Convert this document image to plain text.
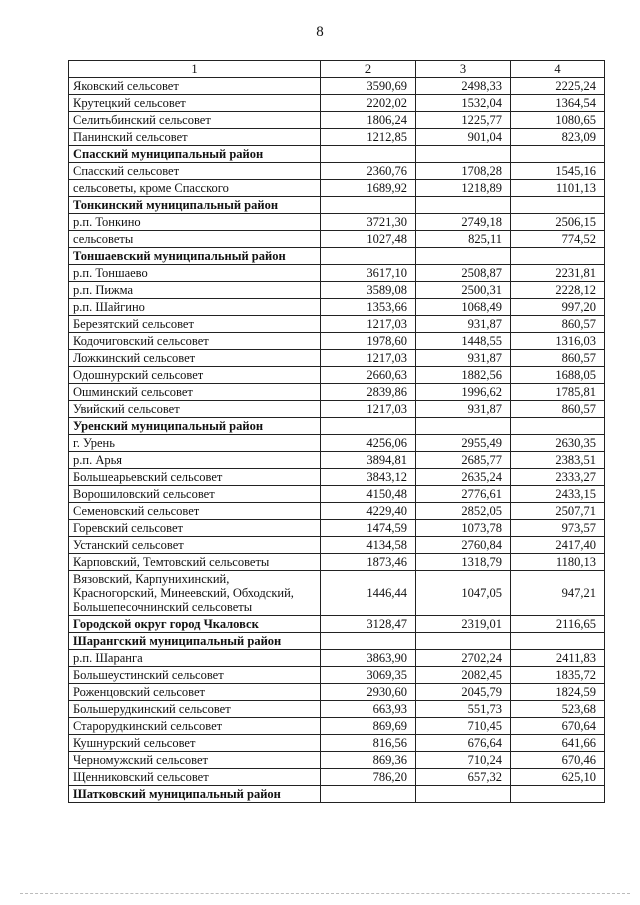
8
1	2	3	4
Яковский сельсовет	3590,69	2498,33	2225,24
Крутецкий сельсовет	2202,02	1532,04	1364,54
Селитьбинский сельсовет	1806,24	1225,77	1080,65
Панинский сельсовет	1212,85	901,04	823,09
Спасский муниципальный район			
Спасский сельсовет	2360,76	1708,28	1545,16
сельсоветы, кроме Спасского	1689,92	1218,89	1101,13
Тонкинский муниципальный район			
р.п. Тонкино	3721,30	2749,18	2506,15
сельсоветы	1027,48	825,11	774,52
Тоншаевский муниципальный район			
р.п. Тоншаево	3617,10	2508,87	2231,81
р.п. Пижма	3589,08	2500,31	2228,12
р.п. Шайгино	1353,66	1068,49	997,20
Березятский сельсовет	1217,03	931,87	860,57
Кодочиговский сельсовет	1978,60	1448,55	1316,03
Ложкинский сельсовет	1217,03	931,87	860,57
Одошнурский сельсовет	2660,63	1882,56	1688,05
Ошминский сельсовет	2839,86	1996,62	1785,81
Увийский сельсовет	1217,03	931,87	860,57
Уренский муниципальный район			
г. Урень	4256,06	2955,49	2630,35
р.п. Арья	3894,81	2685,77	2383,51
Большеарьевский сельсовет	3843,12	2635,24	2333,27
Ворошиловский сельсовет	4150,48	2776,61	2433,15
Семеновский сельсовет	4229,40	2852,05	2507,71
Горевский сельсовет	1474,59	1073,78	973,57
Устанский сельсовет	4134,58	2760,84	2417,40
Карповский, Темтовский сельсоветы	1873,46	1318,79	1180,13
Вязовский, Карпунихинский, Красногорский, Минеевский, Обходский, Большепесочнинский сельсоветы	1446,44	1047,05	947,21
Городской округ город Чкаловск	3128,47	2319,01	2116,65
Шарангский муниципальный район			
р.п. Шаранга	3863,90	2702,24	2411,83
Большеустинский сельсовет	3069,35	2082,45	1835,72
Роженцовский сельсовет	2930,60	2045,79	1824,59
Большерудкинский сельсовет	663,93	551,73	523,68
Старорудкинский сельсовет	869,69	710,45	670,64
Кушнурский сельсовет	816,56	676,64	641,66
Черномужский сельсовет	869,36	710,24	670,46
Щенниковский сельсовет	786,20	657,32	625,10
Шатковский муниципальный район			
